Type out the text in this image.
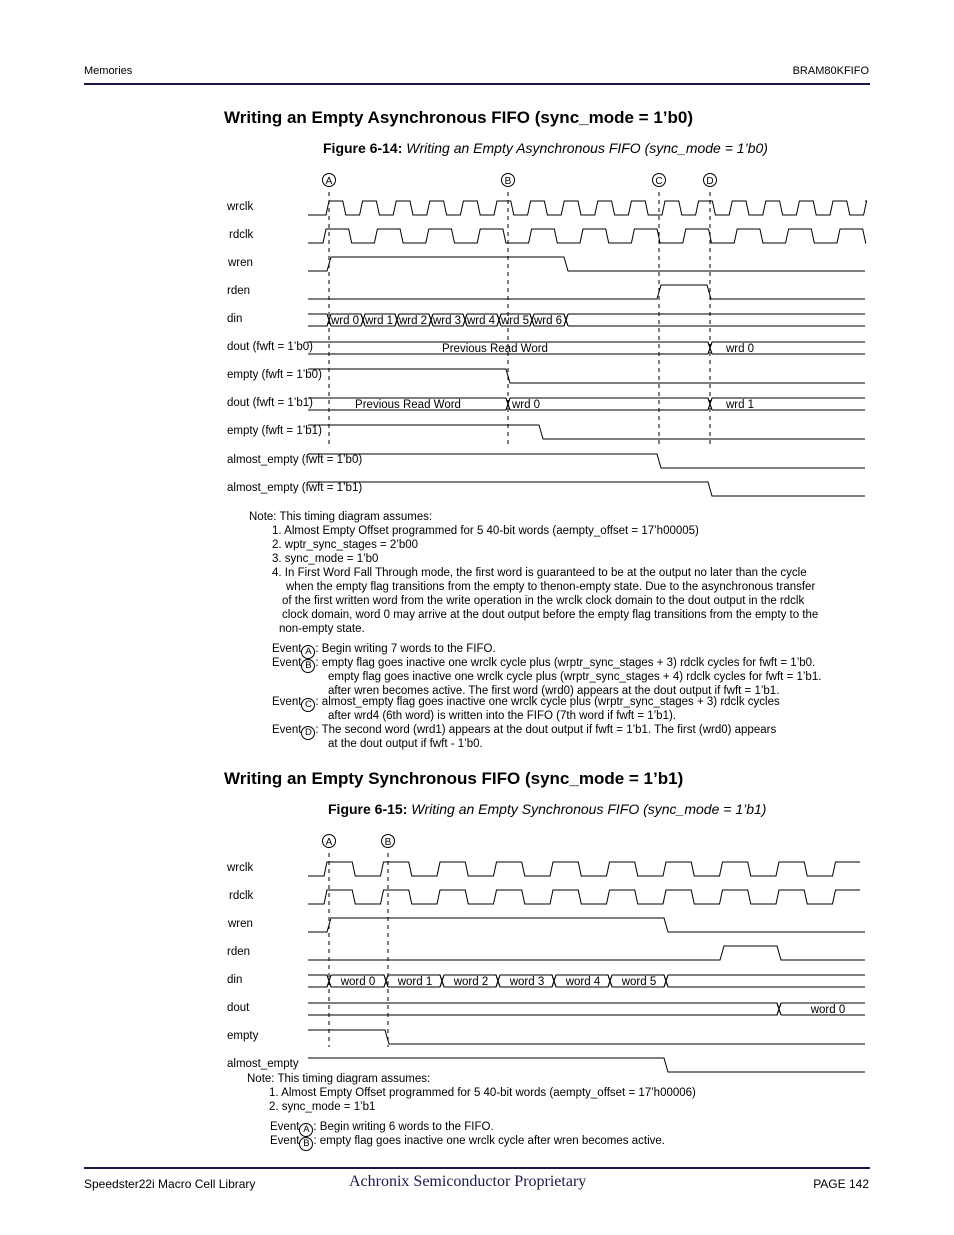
Memories	BRAM80KFIFO
Writing an Empty Asynchronous FIFO (sync_mode = 1’b0)
Figure 6-14: Writing an Empty Asynchronous FIFO (sync_mode = 1’b0)
A	B	C	D
wrd 0 wrd 1 wrd 2 wrd 3 wrd 4 wrd 5 wrd 6
Previous Read Word	wrd 0
Previous Read Word	wrd 0	wrd 1
A	B
word 0 word 1 word 2 word 3 word 4 word 5
word 0
wrclk
rdclk
wren
rden
din
dout (fwft = 1’b0)
empty (fwft = 1’b0)
dout (fwft = 1’b1)
empty (fwft = 1’b1)
almost_empty (fwft = 1’b0)
almost_empty (fwft = 1’b1)
Note: This timing diagram assumes:
1. Almost Empty Offset programmed for 5 40-bit words (aempty_offset = 17’h00005)
2. wptr_sync_stages = 2’b00
3. sync_mode = 1’b0
4. In First Word Fall Through mode, the first word is guaranteed to be at the output no later than the cycle
when the empty flag transitions from the empty to thenon-empty state. Due to the asynchronous transfer
of the first written word from the write operation in the wrclk clock domain to the dout output in the rdclk
clock domain, word 0 may arrive at the dout output before the empty flag transitions from the empty to the
non-empty state.
Event A : Begin writing 7 words to the FIFO.
Event B : empty flag goes inactive one wrclk cycle plus (wrptr_sync_stages + 3) rdclk cycles for fwft = 1’b0.
empty flag goes inactive one wrclk cycle plus (wrptr_sync_stages + 4) rdclk cycles for fwft = 1’b1.
after wren becomes active. The first word (wrd0) appears at the dout output if fwft = 1’b1.
Event C : almost_empty flag goes inactive one wrclk cycle plus (wrptr_sync_stages + 3) rdclk cycles
after wrd4 (6th word) is written into the FIFO (7th word if fwft = 1’b1).
Event D : The second word (wrd1) appears at the dout output if fwft = 1’b1. The first (wrd0) appears
at the dout output if fwft - 1’b0.
Writing an Empty Synchronous FIFO (sync_mode = 1’b1)
Figure 6-15: Writing an Empty Synchronous FIFO (sync_mode = 1’b1)
wrclk
rdclk
wren
rden
din
dout
empty
almost_empty
Note: This timing diagram assumes:
1. Almost Empty Offset programmed for 5 40-bit words (aempty_offset = 17’h00006)
2. sync_mode = 1’b1
Event A : Begin writing 6 words to the FIFO.
Event B : empty flag goes inactive one wrclk cycle after wren becomes active.
Speedster22i Macro Cell Library	Achronix Semiconductor Proprietary	PAGE 142
